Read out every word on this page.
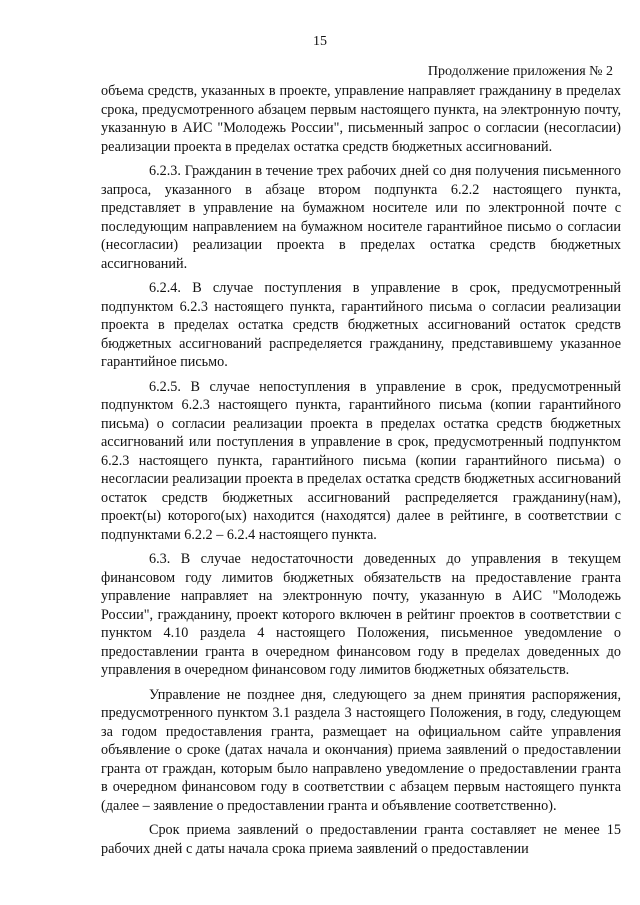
15

Продолжение приложения № 2

объема средств, указанных в проекте, управление направляет гражданину в пределах срока, предусмотренного абзацем первым настоящего пункта, на электронную почту, указанную в АИС "Молодежь России", письменный запрос о согласии (несогласии) реализации проекта в пределах остатка средств бюджетных ассигнований.

6.2.3. Гражданин в течение трех рабочих дней со дня получения письменного запроса, указанного в абзаце втором подпункта 6.2.2 настоящего пункта, представляет в управление на бумажном носителе или по электронной почте с последующим направлением на бумажном носителе гарантийное письмо о согласии (несогласии) реализации проекта в пределах остатка средств бюджетных ассигнований.

6.2.4. В случае поступления в управление в срок, предусмотренный подпунктом 6.2.3 настоящего пункта, гарантийного письма о согласии реализации проекта в пределах остатка средств бюджетных ассигнований остаток средств бюджетных ассигнований распределяется гражданину, представившему указанное гарантийное письмо.

6.2.5. В случае непоступления в управление в срок, предусмотренный подпунктом 6.2.3 настоящего пункта, гарантийного письма (копии гарантийного письма) о согласии реализации проекта в пределах остатка средств бюджетных ассигнований или поступления в управление в срок, предусмотренный подпунктом 6.2.3 настоящего пункта, гарантийного письма (копии гарантийного письма) о несогласии реализации проекта в пределах остатка средств бюджетных ассигнований остаток средств бюджетных ассигнований распределяется гражданину(нам), проект(ы) которого(ых) находится (находятся) далее в рейтинге, в соответствии с подпунктами 6.2.2 – 6.2.4 настоящего пункта.

6.3. В случае недостаточности доведенных до управления в текущем финансовом году лимитов бюджетных обязательств на предоставление гранта управление направляет на электронную почту, указанную в АИС "Молодежь России", гражданину, проект которого включен в рейтинг проектов в соответствии с пунктом 4.10 раздела 4 настоящего Положения, письменное уведомление о предоставлении гранта в очередном финансовом году в пределах доведенных до управления в очередном финансовом году лимитов бюджетных обязательств.

Управление не позднее дня, следующего за днем принятия распоряжения, предусмотренного пунктом 3.1 раздела 3 настоящего Положения, в году, следующем за годом предоставления гранта, размещает на официальном сайте управления объявление о сроке (датах начала и окончания) приема заявлений о предоставлении гранта от граждан, которым было направлено уведомление о предоставлении гранта в очередном финансовом году в соответствии с абзацем первым настоящего пункта (далее – заявление о предоставлении гранта и объявление соответственно).

Срок приема заявлений о предоставлении гранта составляет не менее 15 рабочих дней с даты начала срока приема заявлений о предоставлении
